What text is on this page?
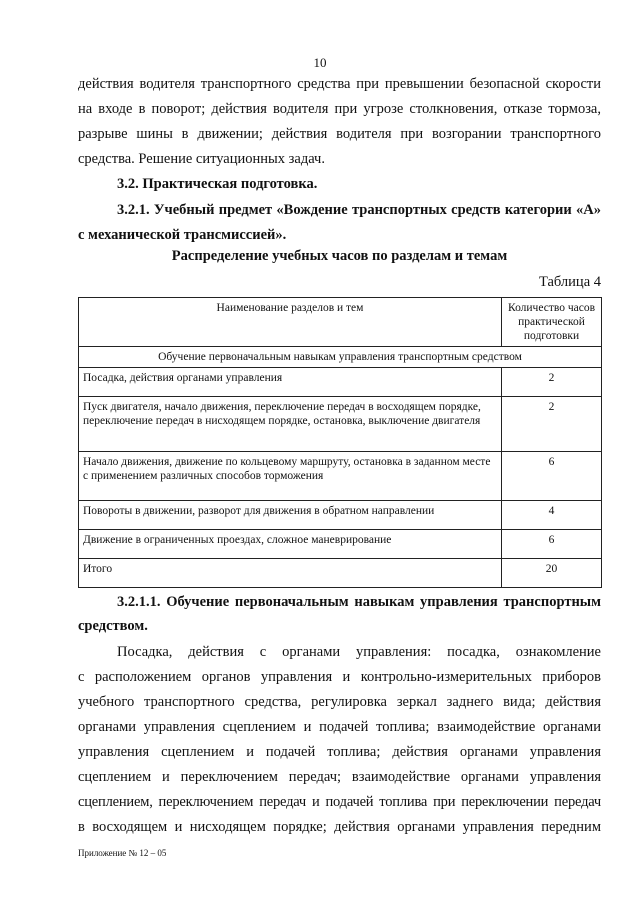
10
действия водителя транспортного средства при превышении безопасной скорости
на входе в поворот; действия водителя при угрозе столкновения, отказе тормоза,
разрыве шины в движении; действия водителя при возгорании транспортного
средства. Решение ситуационных задач.
3.2. Практическая подготовка.
3.2.1. Учебный предмет «Вождение транспортных средств категории «А»
с механической трансмиссией».
Распределение учебных часов по разделам и темам
Таблица 4
Наименование разделов и тем	Количество часов практической подготовки
Обучение первоначальным навыкам управления транспортным средством	
Посадка, действия органами управления	2
Пуск двигателя, начало движения, переключение передач в восходящем порядке, переключение передач в нисходящем порядке, остановка, выключение двигателя	2
Начало движения, движение по кольцевому маршруту, остановка в заданном месте с применением различных способов торможения	6
Повороты в движении, разворот для движения в обратном направлении	4
Движение в ограниченных проездах, сложное маневрирование	6
Итого	20
3.2.1.1. Обучение первоначальным навыкам управления транспортным
средством.
Посадка, действия с органами управления: посадка, ознакомление
с расположением органов управления и контрольно-измерительных приборов
учебного транспортного средства, регулировка зеркал заднего вида; действия
органами управления сцеплением и подачей топлива; взаимодействие органами
управления сцеплением и подачей топлива; действия органами управления
сцеплением и переключением передач; взаимодействие органами управления
сцеплением, переключением передач и подачей топлива при переключении передач
в восходящем и нисходящем порядке; действия органами управления передним
Приложение № 12 – 05
